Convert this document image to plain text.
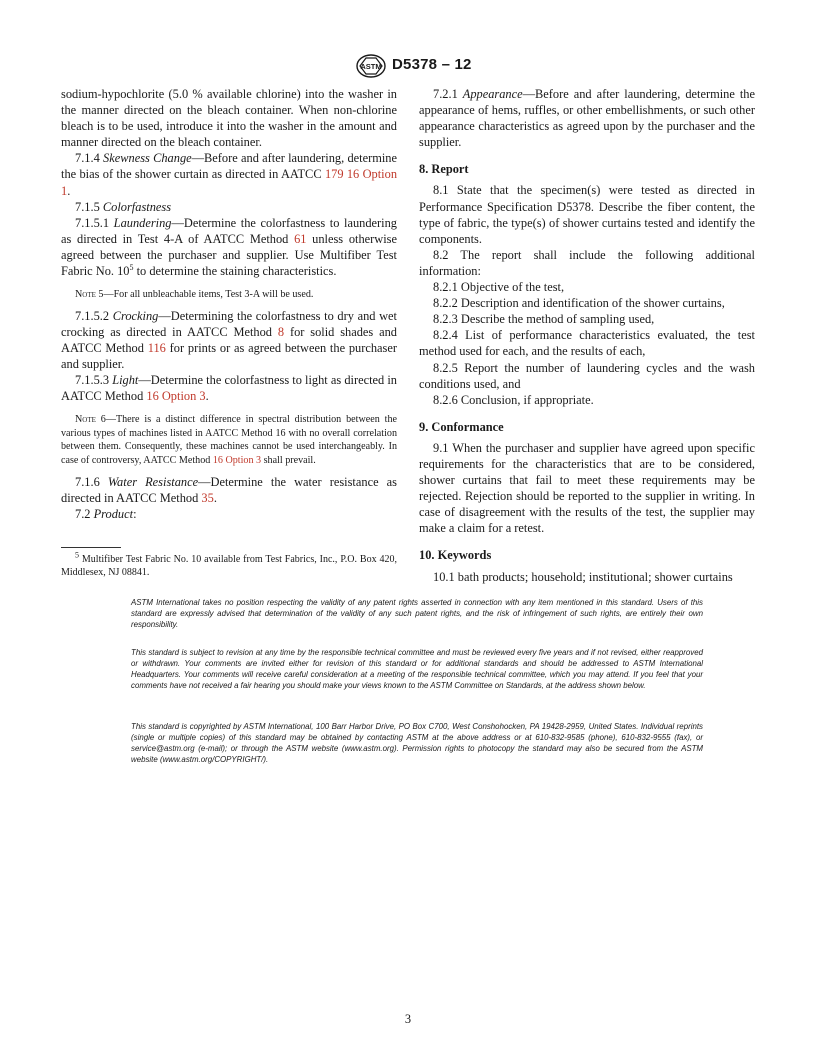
ASTM D5378 – 12

sodium-hypochlorite (5.0 % available chlorine) into the washer in the manner directed on the bleach container. When non-chlorine bleach is to be used, introduce it into the washer in the amount and manner directed on the bleach container.

7.1.4 Skewness Change—Before and after laundering, determine the bias of the shower curtain as directed in AATCC 179 16 Option 1.

7.1.5 Colorfastness

7.1.5.1 Laundering—Determine the colorfastness to laundering as directed in Test 4-A of AATCC Method 61 unless otherwise agreed between the purchaser and supplier. Use Multifiber Test Fabric No. $10^5$ to determine the staining characteristics.

Note 5—For all unbleachable items, Test 3-A will be used.

7.1.5.2 Crocking—Determining the colorfastness to dry and wet crocking as directed in AATCC Method 8 for solid shades and AATCC Method 116 for prints or as agreed between the purchaser and supplier.

7.1.5.3 Light—Determine the colorfastness to light as directed in AATCC Method 16 Option 3.

Note 6—There is a distinct difference in spectral distribution between the various types of machines listed in AATCC Method 16 with no overall correlation between them. Consequently, these machines cannot be used interchangeably. In case of controversy, AATCC Method 16 Option 3 shall prevail.

7.1.6 Water Resistance—Determine the water resistance as directed in AATCC Method 35.

7.2 Product:

$^5$ Multifiber Test Fabric No. 10 available from Test Fabrics, Inc., P.O. Box 420, Middlesex, NJ 08841.

7.2.1 Appearance—Before and after laundering, determine the appearance of hems, ruffles, or other embellishments, or such other appearance characteristics as agreed upon by the purchaser and the supplier.

8. Report

8.1 State that the specimen(s) were tested as directed in Performance Specification D5378. Describe the fiber content, the type of fabric, the type(s) of shower curtains tested and identify the components.

8.2 The report shall include the following additional information:

8.2.1 Objective of the test,

8.2.2 Description and identification of the shower curtains,

8.2.3 Describe the method of sampling used,

8.2.4 List of performance characteristics evaluated, the test method used for each, and the results of each,

8.2.5 Report the number of laundering cycles and the wash conditions used, and

8.2.6 Conclusion, if appropriate.

9. Conformance

9.1 When the purchaser and supplier have agreed upon specific requirements for the characteristics that are to be considered, shower curtains that fail to meet these requirements may be rejected. Rejection should be reported to the supplier in writing. In case of disagreement with the results of the test, the supplier may make a claim for a retest.

10. Keywords

10.1 bath products; household; institutional; shower curtains

ASTM International takes no position respecting the validity of any patent rights asserted in connection with any item mentioned in this standard. Users of this standard are expressly advised that determination of the validity of any such patent rights, and the risk of infringement of such rights, are entirely their own responsibility.

This standard is subject to revision at any time by the responsible technical committee and must be reviewed every five years and if not revised, either reapproved or withdrawn. Your comments are invited either for revision of this standard or for additional standards and should be addressed to ASTM International Headquarters. Your comments will receive careful consideration at a meeting of the responsible technical committee, which you may attend. If you feel that your comments have not received a fair hearing you should make your views known to the ASTM Committee on Standards, at the address shown below.

This standard is copyrighted by ASTM International, 100 Barr Harbor Drive, PO Box C700, West Conshohocken, PA 19428-2959, United States. Individual reprints (single or multiple copies) of this standard may be obtained by contacting ASTM at the above address or at 610-832-9585 (phone), 610-832-9555 (fax), or service@astm.org (e-mail); or through the ASTM website (www.astm.org). Permission rights to photocopy the standard may also be secured from the ASTM website (www.astm.org/COPYRIGHT/).

3
